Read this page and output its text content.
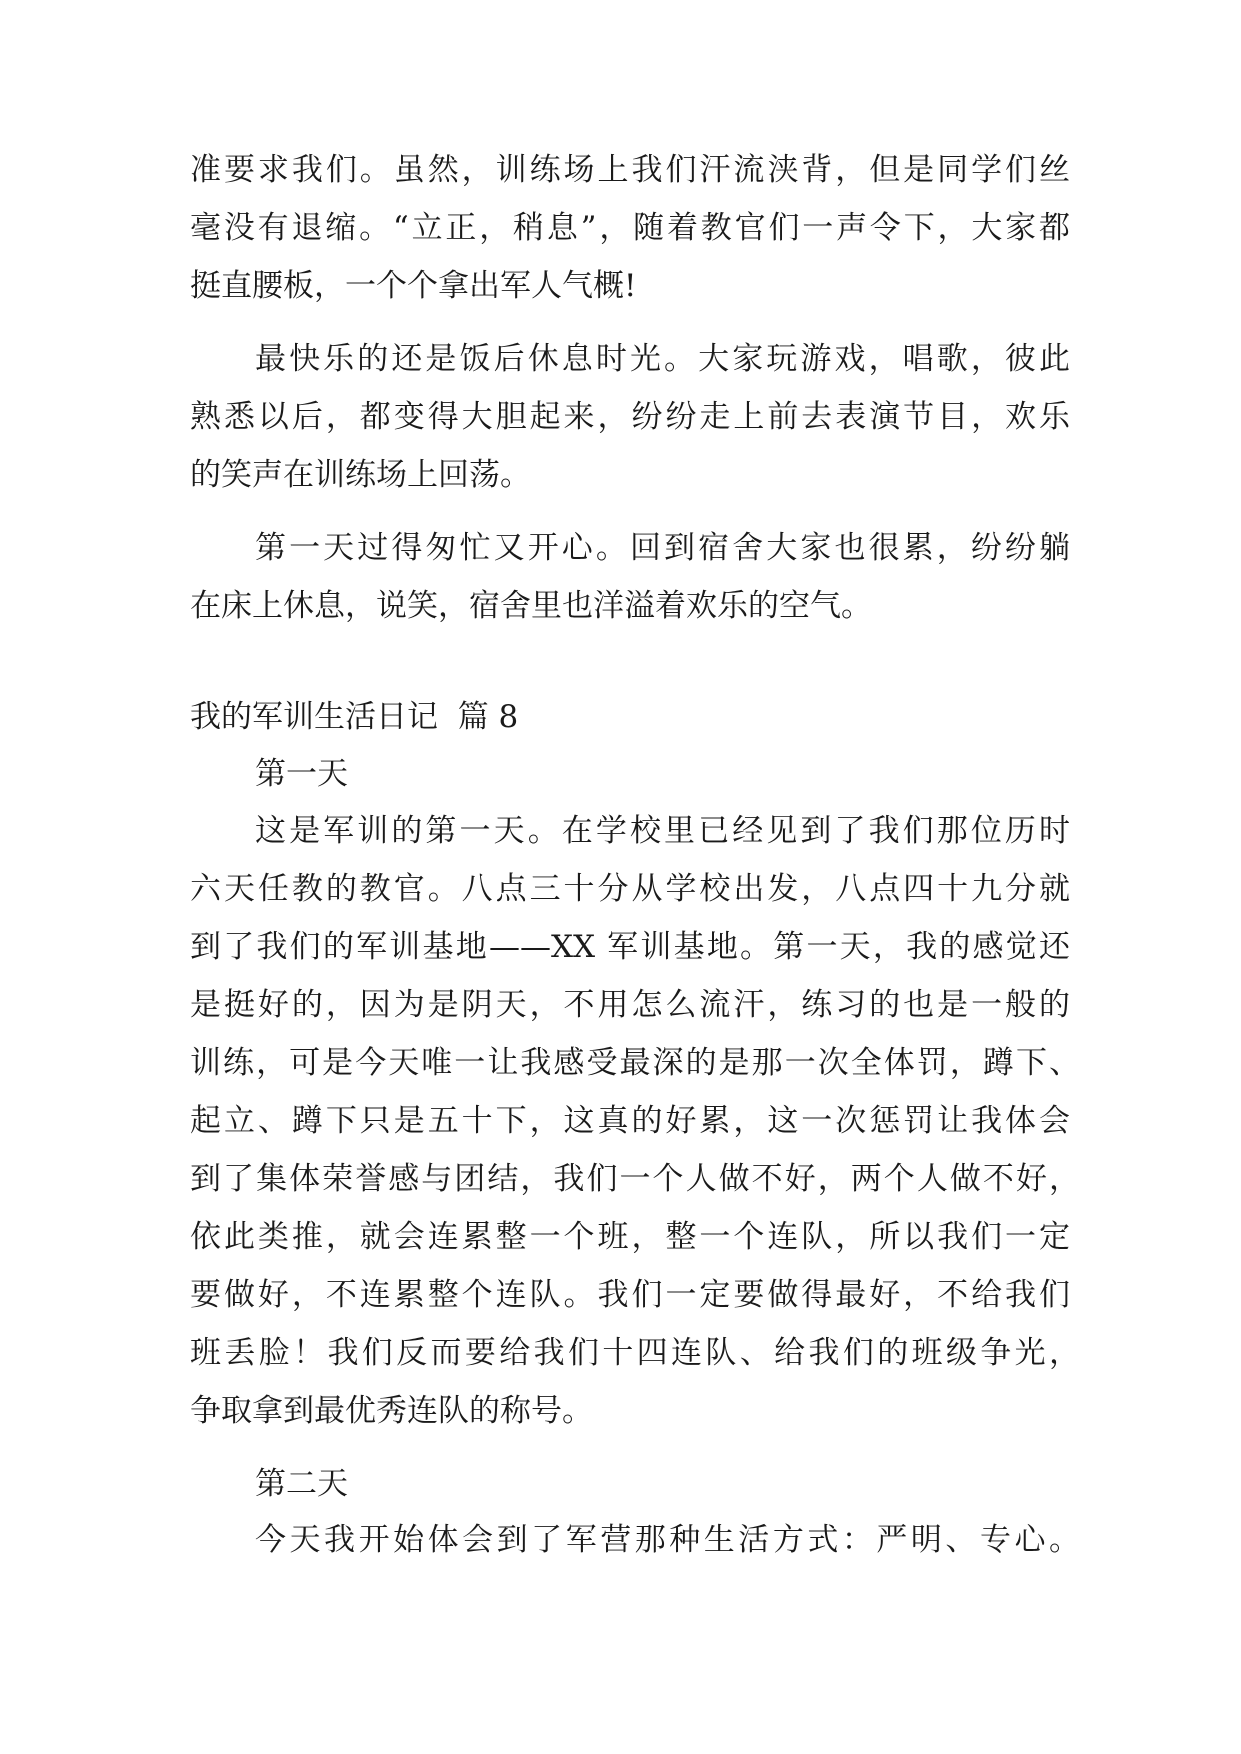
准要求我们。虽然，训练场上我们汗流浃背，但是同学们丝
毫没有退缩。“立正，稍息”，随着教官们一声令下，大家都
挺直腰板，一个个拿出军人气概!
最快乐的还是饭后休息时光。大家玩游戏，唱歌，彼此
熟悉以后，都变得大胆起来，纷纷走上前去表演节目，欢乐
的笑声在训练场上回荡。
第一天过得匆忙又开心。回到宿舍大家也很累，纷纷躺
在床上休息，说笑，宿舍里也洋溢着欢乐的空气。
我的军训生活日记  篇 8
第一天
这是军训的第一天。在学校里已经见到了我们那位历时
六天任教的教官。八点三十分从学校出发，八点四十九分就
到了我们的军训基地——XX 军训基地。第一天，我的感觉还
是挺好的，因为是阴天，不用怎么流汗，练习的也是一般的
训练，可是今天唯一让我感受最深的是那一次全体罚，蹲下、
起立、蹲下只是五十下，这真的好累，这一次惩罚让我体会
到了集体荣誉感与团结，我们一个人做不好，两个人做不好，
依此类推，就会连累整一个班，整一个连队，所以我们一定
要做好，不连累整个连队。我们一定要做得最好，不给我们
班丢脸！我们反而要给我们十四连队、给我们的班级争光，
争取拿到最优秀连队的称号。
第二天
今天我开始体会到了军营那种生活方式：严明、专心。
